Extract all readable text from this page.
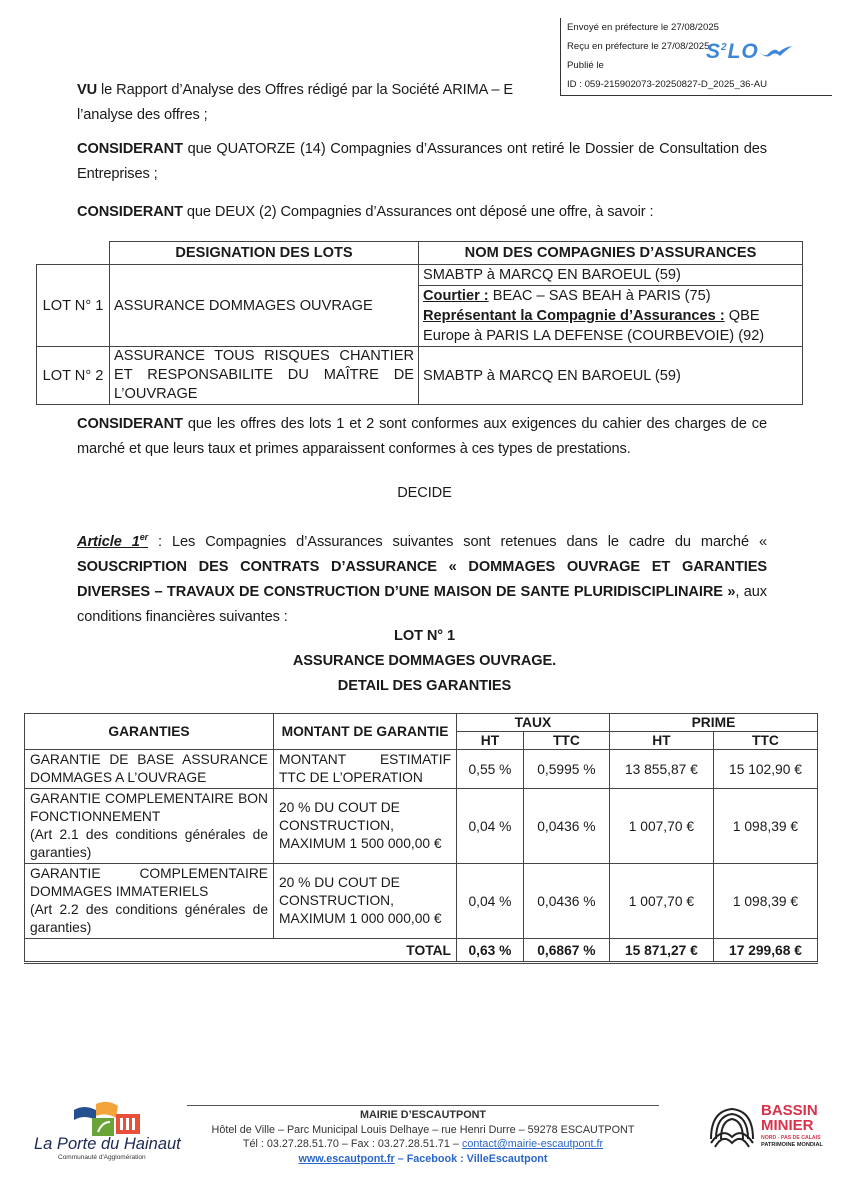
Envoyé en préfecture le 27/08/2025
Reçu en préfecture le 27/08/2025
Publié le
ID : 059-215902073-20250827-D_2025_36-AU
$S^2LO$
VU le Rapport d’Analyse des Offres rédigé par la Société ARIMA – E
l’analyse des offres ;
CONSIDERANT que QUATORZE (14) Compagnies d’Assurances ont retiré le Dossier de Consultation des Entreprises ;
CONSIDERANT que DEUX (2) Compagnies d’Assurances ont déposé une offre, à savoir :
	DESIGNATION DES LOTS	NOM DES COMPAGNIES D’ASSURANCES
LOT N° 1	ASSURANCE DOMMAGES OUVRAGE	SMABTP à MARCQ EN BAROEUL (59)
Courtier : BEAC – SAS BEAH à PARIS (75)
Représentant la Compagnie d’Assurances : QBE Europe à PARIS LA DEFENSE (COURBEVOIE) (92)

LOT N° 2	ASSURANCE TOUS RISQUES CHANTIER ET RESPONSABILITE DU MAÎTRE DE L’OUVRAGE	SMABTP à MARCQ EN BAROEUL (59)
CONSIDERANT que les offres des lots 1 et 2 sont conformes aux exigences du cahier des charges de ce marché et que leurs taux et primes apparaissent conformes à ces types de prestations.
DECIDE
Article 1er : Les Compagnies d’Assurances suivantes sont retenues dans le cadre du marché « SOUSCRIPTION DES CONTRATS D’ASSURANCE « DOMMAGES OUVRAGE ET GARANTIES DIVERSES – TRAVAUX DE CONSTRUCTION D’UNE MAISON DE SANTE PLURIDISCIPLINAIRE », aux conditions financières suivantes :
LOT N° 1
ASSURANCE DOMMAGES OUVRAGE.
DETAIL DES GARANTIES
GARANTIES	MONTANT DE GARANTIE	TAUX		PRIME	
		HT	TTC	HT	TTC
GARANTIE DE BASE ASSURANCE DOMMAGES A L’OUVRAGE	MONTANT ESTIMATIF TTC DE L’OPERATION	0,55 %	0,5995 %	13 855,87 €	15 102,90 €
GARANTIE COMPLEMENTAIRE BON FONCTIONNEMENT
(Art 2.1 des conditions générales de garanties)	20 % DU COUT DE CONSTRUCTION, MAXIMUM 1 500 000,00 €	0,04 %	0,0436 %	1 007,70 €	1 098,39 €
GARANTIE COMPLEMENTAIRE DOMMAGES IMMATERIELS
(Art 2.2 des conditions générales de garanties)	20 % DU COUT DE CONSTRUCTION, MAXIMUM 1 000 000,00 €	0,04 %	0,0436 %	1 007,70 €	1 098,39 €
TOTAL		0,63 %	0,6867 %	15 871,27 €	17 299,68 €
La Porte du Hainaut
Communauté d'Agglomération
MAIRIE D’ESCAUTPONT
Hôtel de Ville – Parc Municipal Louis Delhaye – rue Henri Durre – 59278 ESCAUTPONT
Tél : 03.27.28.51.70 – Fax : 03.27.28.51.71 – contact@mairie-escautpont.fr
www.escautpont.fr – Facebook : VilleEscautpont
BASSIN
MINIER
NORD - PAS DE CALAIS
PATRIMOINE MONDIAL
